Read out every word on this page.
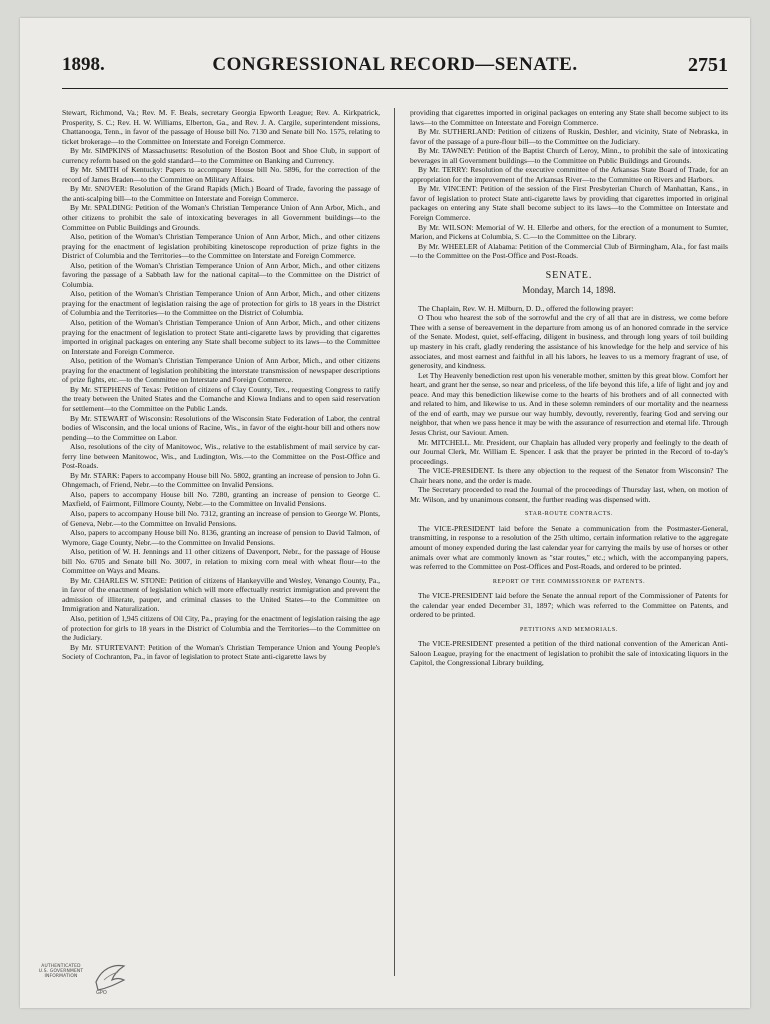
1898.	CONGRESSIONAL RECORD—SENATE.	2751

Stewart, Richmond, Va.; Rev. M. F. Beals, secretary Georgia Epworth League; Rev. A. Kirkpatrick, Prosperity, S. C.; Rev. H. W. Williams, Elberton, Ga., and Rev. J. A. Cargile, superintendent missions, Chattanooga, Tenn., in favor of the passage of House bill No. 7130 and Senate bill No. 1575, relating to ticket brokerage—to the Committee on Interstate and Foreign Commerce.

By Mr. SIMPKINS of Massachusetts: Resolution of the Boston Boot and Shoe Club, in support of currency reform based on the gold standard—to the Committee on Banking and Currency.

By Mr. SMITH of Kentucky: Papers to accompany House bill No. 5896, for the correction of the record of James Braden—to the Committee on Military Affairs.

By Mr. SNOVER: Resolution of the Grand Rapids (Mich.) Board of Trade, favoring the passage of the anti-scalping bill—to the Committee on Interstate and Foreign Commerce.

By Mr. SPALDING: Petition of the Woman's Christian Temperance Union of Ann Arbor, Mich., and other citizens to prohibit the sale of intoxicating beverages in all Government buildings—to the Committee on Public Buildings and Grounds.

Also, petition of the Woman's Christian Temperance Union of Ann Arbor, Mich., and other citizens praying for the enactment of legislation prohibiting kinetoscope reproduction of prize fights in the District of Columbia and the Territories—to the Committee on Interstate and Foreign Commerce.

Also, petition of the Woman's Christian Temperance Union of Ann Arbor, Mich., and other citizens favoring the passage of a Sabbath law for the national capital—to the Committee on the District of Columbia.

Also, petition of the Woman's Christian Temperance Union of Ann Arbor, Mich., and other citizens praying for the enactment of legislation raising the age of protection for girls to 18 years in the District of Columbia and the Territories—to the Committee on the District of Columbia.

Also, petition of the Woman's Christian Temperance Union of Ann Arbor, Mich., and other citizens praying for the enactment of legislation to protect State anti-cigarette laws by providing that cigarettes imported in original packages on entering any State shall become subject to its laws—to the Committee on Interstate and Foreign Commerce.

Also, petition of the Woman's Christian Temperance Union of Ann Arbor, Mich., and other citizens praying for the enactment of legislation prohibiting the interstate transmission of newspaper descriptions of prize fights, etc.—to the Committee on Interstate and Foreign Commerce.

By Mr. STEPHENS of Texas: Petition of citizens of Clay County, Tex., requesting Congress to ratify the treaty between the United States and the Comanche and Kiowa Indians and to open said reservation for settlement—to the Committee on the Public Lands.

By Mr. STEWART of Wisconsin: Resolutions of the Wisconsin State Federation of Labor, the central bodies of Wisconsin, and the local unions of Racine, Wis., in favor of the eight-hour bill and others now pending—to the Committee on Labor.

Also, resolutions of the city of Manitowoc, Wis., relative to the establishment of mail service by car-ferry line between Manitowoc, Wis., and Ludington, Wis.—to the Committee on the Post-Office and Post-Roads.

By Mr. STARK: Papers to accompany House bill No. 5802, granting an increase of pension to John G. Ohngemach, of Friend, Nebr.—to the Committee on Invalid Pensions.

Also, papers to accompany House bill No. 7280, granting an increase of pension to George C. Maxfield, of Fairmont, Fillmore County, Nebr.—to the Committee on Invalid Pensions.

Also, papers to accompany House bill No. 7312, granting an increase of pension to George W. Plonts, of Geneva, Nebr.—to the Committee on Invalid Pensions.

Also, papers to accompany House bill No. 8136, granting an increase of pension to David Talmon, of Wymore, Gage County, Nebr.—to the Committee on Invalid Pensions.

Also, petition of W. H. Jennings and 11 other citizens of Davenport, Nebr., for the passage of House bill No. 6705 and Senate bill No. 3007, in relation to mixing corn meal with wheat flour—to the Committee on Ways and Means.

By Mr. CHARLES W. STONE: Petition of citizens of Hankeyville and Wesley, Venango County, Pa., in favor of the enactment of legislation which will more effectually restrict immigration and prevent the admission of illiterate, pauper, and criminal classes to the United States—to the Committee on Immigration and Naturalization.

Also, petition of 1,945 citizens of Oil City, Pa., praying for the enactment of legislation raising the age of protection for girls to 18 years in the District of Columbia and the Territories—to the Committee on the Judiciary.

By Mr. STURTEVANT: Petition of the Woman's Christian Temperance Union and Young People's Society of Cochranton, Pa., in favor of legislation to protect State anti-cigarette laws by

providing that cigarettes imported in original packages on entering any State shall become subject to its laws—to the Committee on Interstate and Foreign Commerce.

By Mr. SUTHERLAND: Petition of citizens of Ruskin, Deshler, and vicinity, State of Nebraska, in favor of the passage of a pure-flour bill—to the Committee on the Judiciary.

By Mr. TAWNEY: Petition of the Baptist Church of Leroy, Minn., to prohibit the sale of intoxicating beverages in all Government buildings—to the Committee on Public Buildings and Grounds.

By Mr. TERRY: Resolution of the executive committee of the Arkansas State Board of Trade, for an appropriation for the improvement of the Arkansas River—to the Committee on Rivers and Harbors.

By Mr. VINCENT: Petition of the session of the First Presbyterian Church of Manhattan, Kans., in favor of legislation to protect State anti-cigarette laws by providing that cigarettes imported in original packages on entering any State shall become subject to its laws—to the Committee on Interstate and Foreign Commerce.

By Mr. WILSON: Memorial of W. H. Ellerbe and others, for the erection of a monument to Sumter, Marion, and Pickens at Columbia, S. C.—to the Committee on the Library.

By Mr. WHEELER of Alabama: Petition of the Commercial Club of Birmingham, Ala., for fast mails—to the Committee on the Post-Office and Post-Roads.

SENATE.
Monday, March 14, 1898.

The Chaplain, Rev. W. H. Milburn, D. D., offered the following prayer:

O Thou who hearest the sob of the sorrowful and the cry of all that are in distress, we come before Thee with a sense of bereavement in the departure from among us of an honored comrade in the service of the Senate. Modest, quiet, self-effacing, diligent in business, and through long years of toil building up mastery in his craft, gladly rendering the assistance of his knowledge for the help and service of his associates, and most earnest and faithful in all his labors, he leaves to us a memory fragrant of use, of generosity, and kindness.

Let Thy Heavenly benediction rest upon his venerable mother, smitten by this great blow. Comfort her heart, and grant her the sense, so near and priceless, of the life beyond this life, a life of light and joy and peace. And may this benediction likewise come to the hearts of his brothers and of all connected with and related to him, and likewise to us. And in these solemn reminders of our mortality and the nearness of the end of earth, may we pursue our way humbly, devoutly, reverently, fearing God and serving our neighbor, that when we pass hence it may be with the assurance of resurrection and eternal life. Through Jesus Christ, our Saviour. Amen.

Mr. MITCHELL. Mr. President, our Chaplain has alluded very properly and feelingly to the death of our Journal Clerk, Mr. William E. Spencer. I ask that the prayer be printed in the Record of to-day's proceedings.

The VICE-PRESIDENT. Is there any objection to the request of the Senator from Wisconsin? The Chair hears none, and the order is made.

The Secretary proceeded to read the Journal of the proceedings of Thursday last, when, on motion of Mr. Wilson, and by unanimous consent, the further reading was dispensed with.

STAR-ROUTE CONTRACTS.

The VICE-PRESIDENT laid before the Senate a communication from the Postmaster-General, transmitting, in response to a resolution of the 25th ultimo, certain information relative to the aggregate amount of money expended during the last calendar year for carrying the mails by use of horses or other animals over what are commonly known as "star routes," etc.; which, with the accompanying papers, was referred to the Committee on Post-Offices and Post-Roads, and ordered to be printed.

REPORT OF THE COMMISSIONER OF PATENTS.

The VICE-PRESIDENT laid before the Senate the annual report of the Commissioner of Patents for the calendar year ended December 31, 1897; which was referred to the Committee on Patents, and ordered to be printed.

PETITIONS AND MEMORIALS.

The VICE-PRESIDENT presented a petition of the third national convention of the American Anti-Saloon League, praying for the enactment of legislation to prohibit the sale of intoxicating liquors in the Capitol, the Congressional Library building,

AUTHENTICATED
U.S. GOVERNMENT
INFORMATION
GPO
